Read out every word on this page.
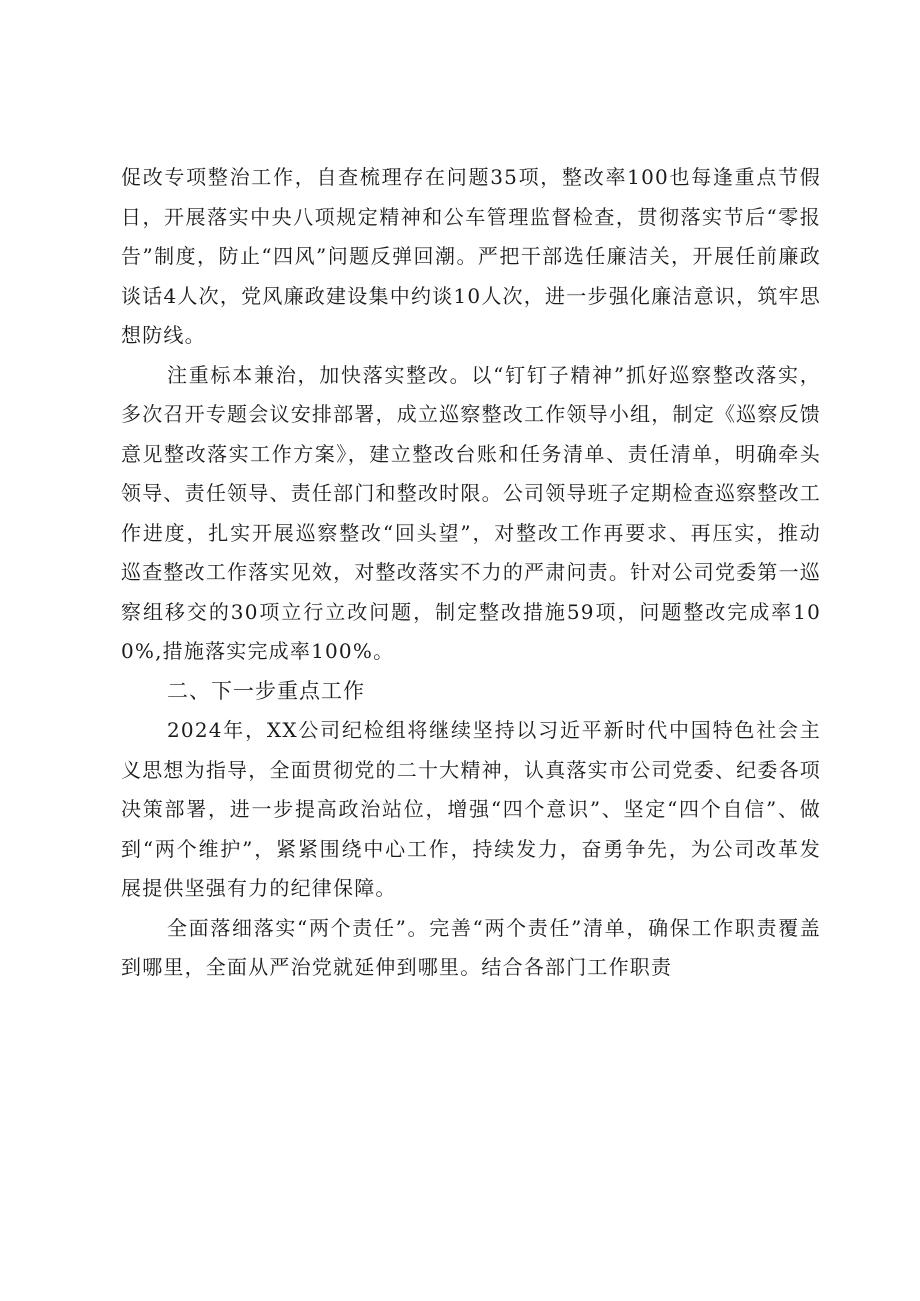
促改专项整治工作，自查梳理存在问题35项，整改率100也每逢重点节假日，开展落实中央八项规定精神和公车管理监督检查，贯彻落实节后“零报告”制度，防止“四风”问题反弹回潮。严把干部选任廉洁关，开展任前廉政谈话4人次，党风廉政建设集中约谈10人次，进一步强化廉洁意识，筑牢思想防线。

注重标本兼治，加快落实整改。以“钉钉子精神”抓好巡察整改落实，多次召开专题会议安排部署，成立巡察整改工作领导小组，制定《巡察反馈意见整改落实工作方案》，建立整改台账和任务清单、责任清单，明确牵头领导、责任领导、责任部门和整改时限。公司领导班子定期检查巡察整改工作进度，扎实开展巡察整改“回头望”，对整改工作再要求、再压实，推动巡查整改工作落实见效，对整改落实不力的严肃问责。针对公司党委第一巡察组移交的30项立行立改问题，制定整改措施59项，问题整改完成率100%,措施落实完成率100%。

二、下一步重点工作

2024年，XX公司纪检组将继续坚持以习近平新时代中国特色社会主义思想为指导，全面贯彻党的二十大精神，认真落实市公司党委、纪委各项决策部署，进一步提高政治站位，增强“四个意识”、坚定“四个自信”、做到“两个维护”，紧紧围绕中心工作，持续发力，奋勇争先，为公司改革发展提供坚强有力的纪律保障。

全面落细落实“两个责任”。完善“两个责任”清单，确保工作职责覆盖到哪里，全面从严治党就延伸到哪里。结合各部门工作职责
